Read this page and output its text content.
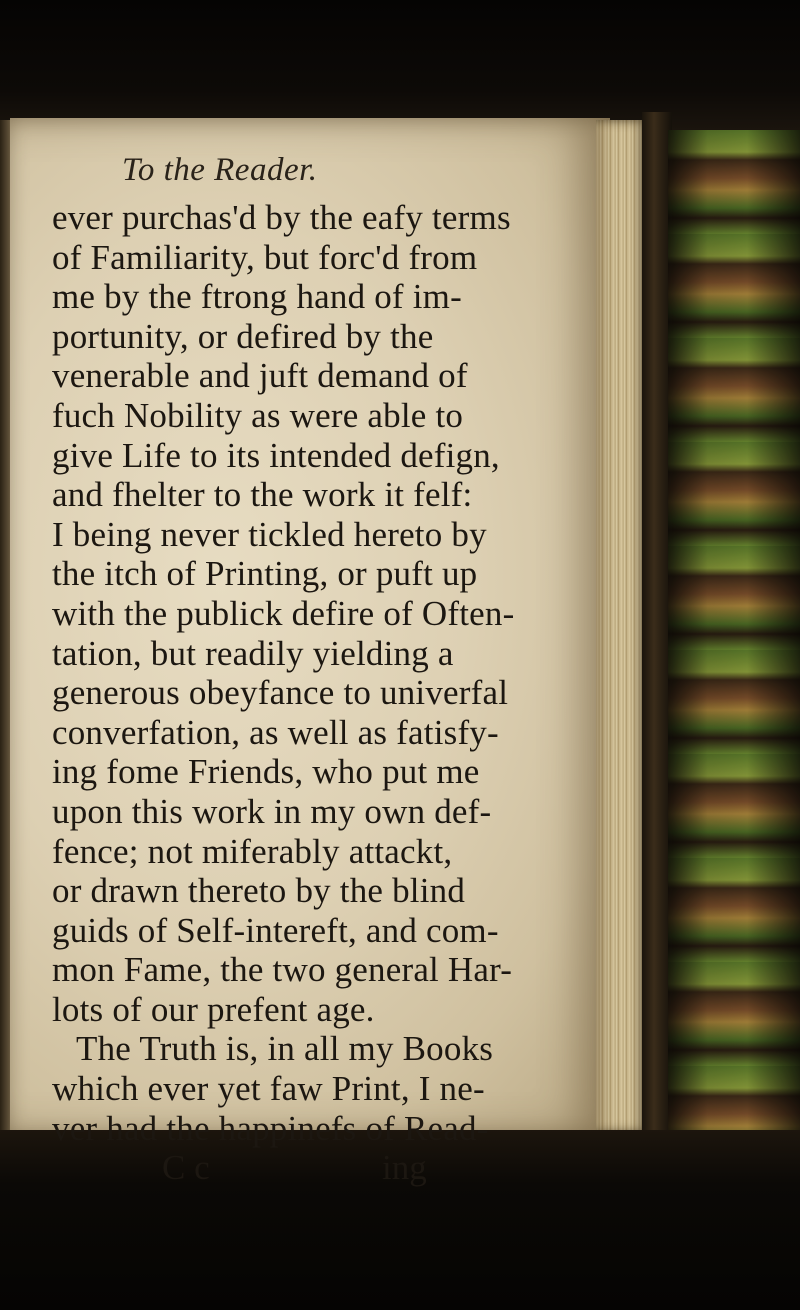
To the Reader.
ever purchas'd by the eafy terms
of Familiarity, but forc'd from
me by the ftrong hand of im-
portunity, or defired by the
venerable and juft demand of
fuch Nobility as were able to
give Life to its intended defign,
and fhelter to the work it felf:
I being never tickled hereto by
the itch of Printing, or puft up
with the publick defire of Often-
tation, but readily yielding a
generous obeyfance to univerfal
converfation, as well as fatisfy-
ing fome Friends, who put me
upon this work in my own def-
fence; not miferably attackt,
or drawn thereto by the blind
guids of Self-intereft, and com-
mon Fame, the two general Har-
lots of our prefent age.
The Truth is, in all my Books
which ever yet faw Print, I ne-
ver had the happinefs of Read-
C c	ing
